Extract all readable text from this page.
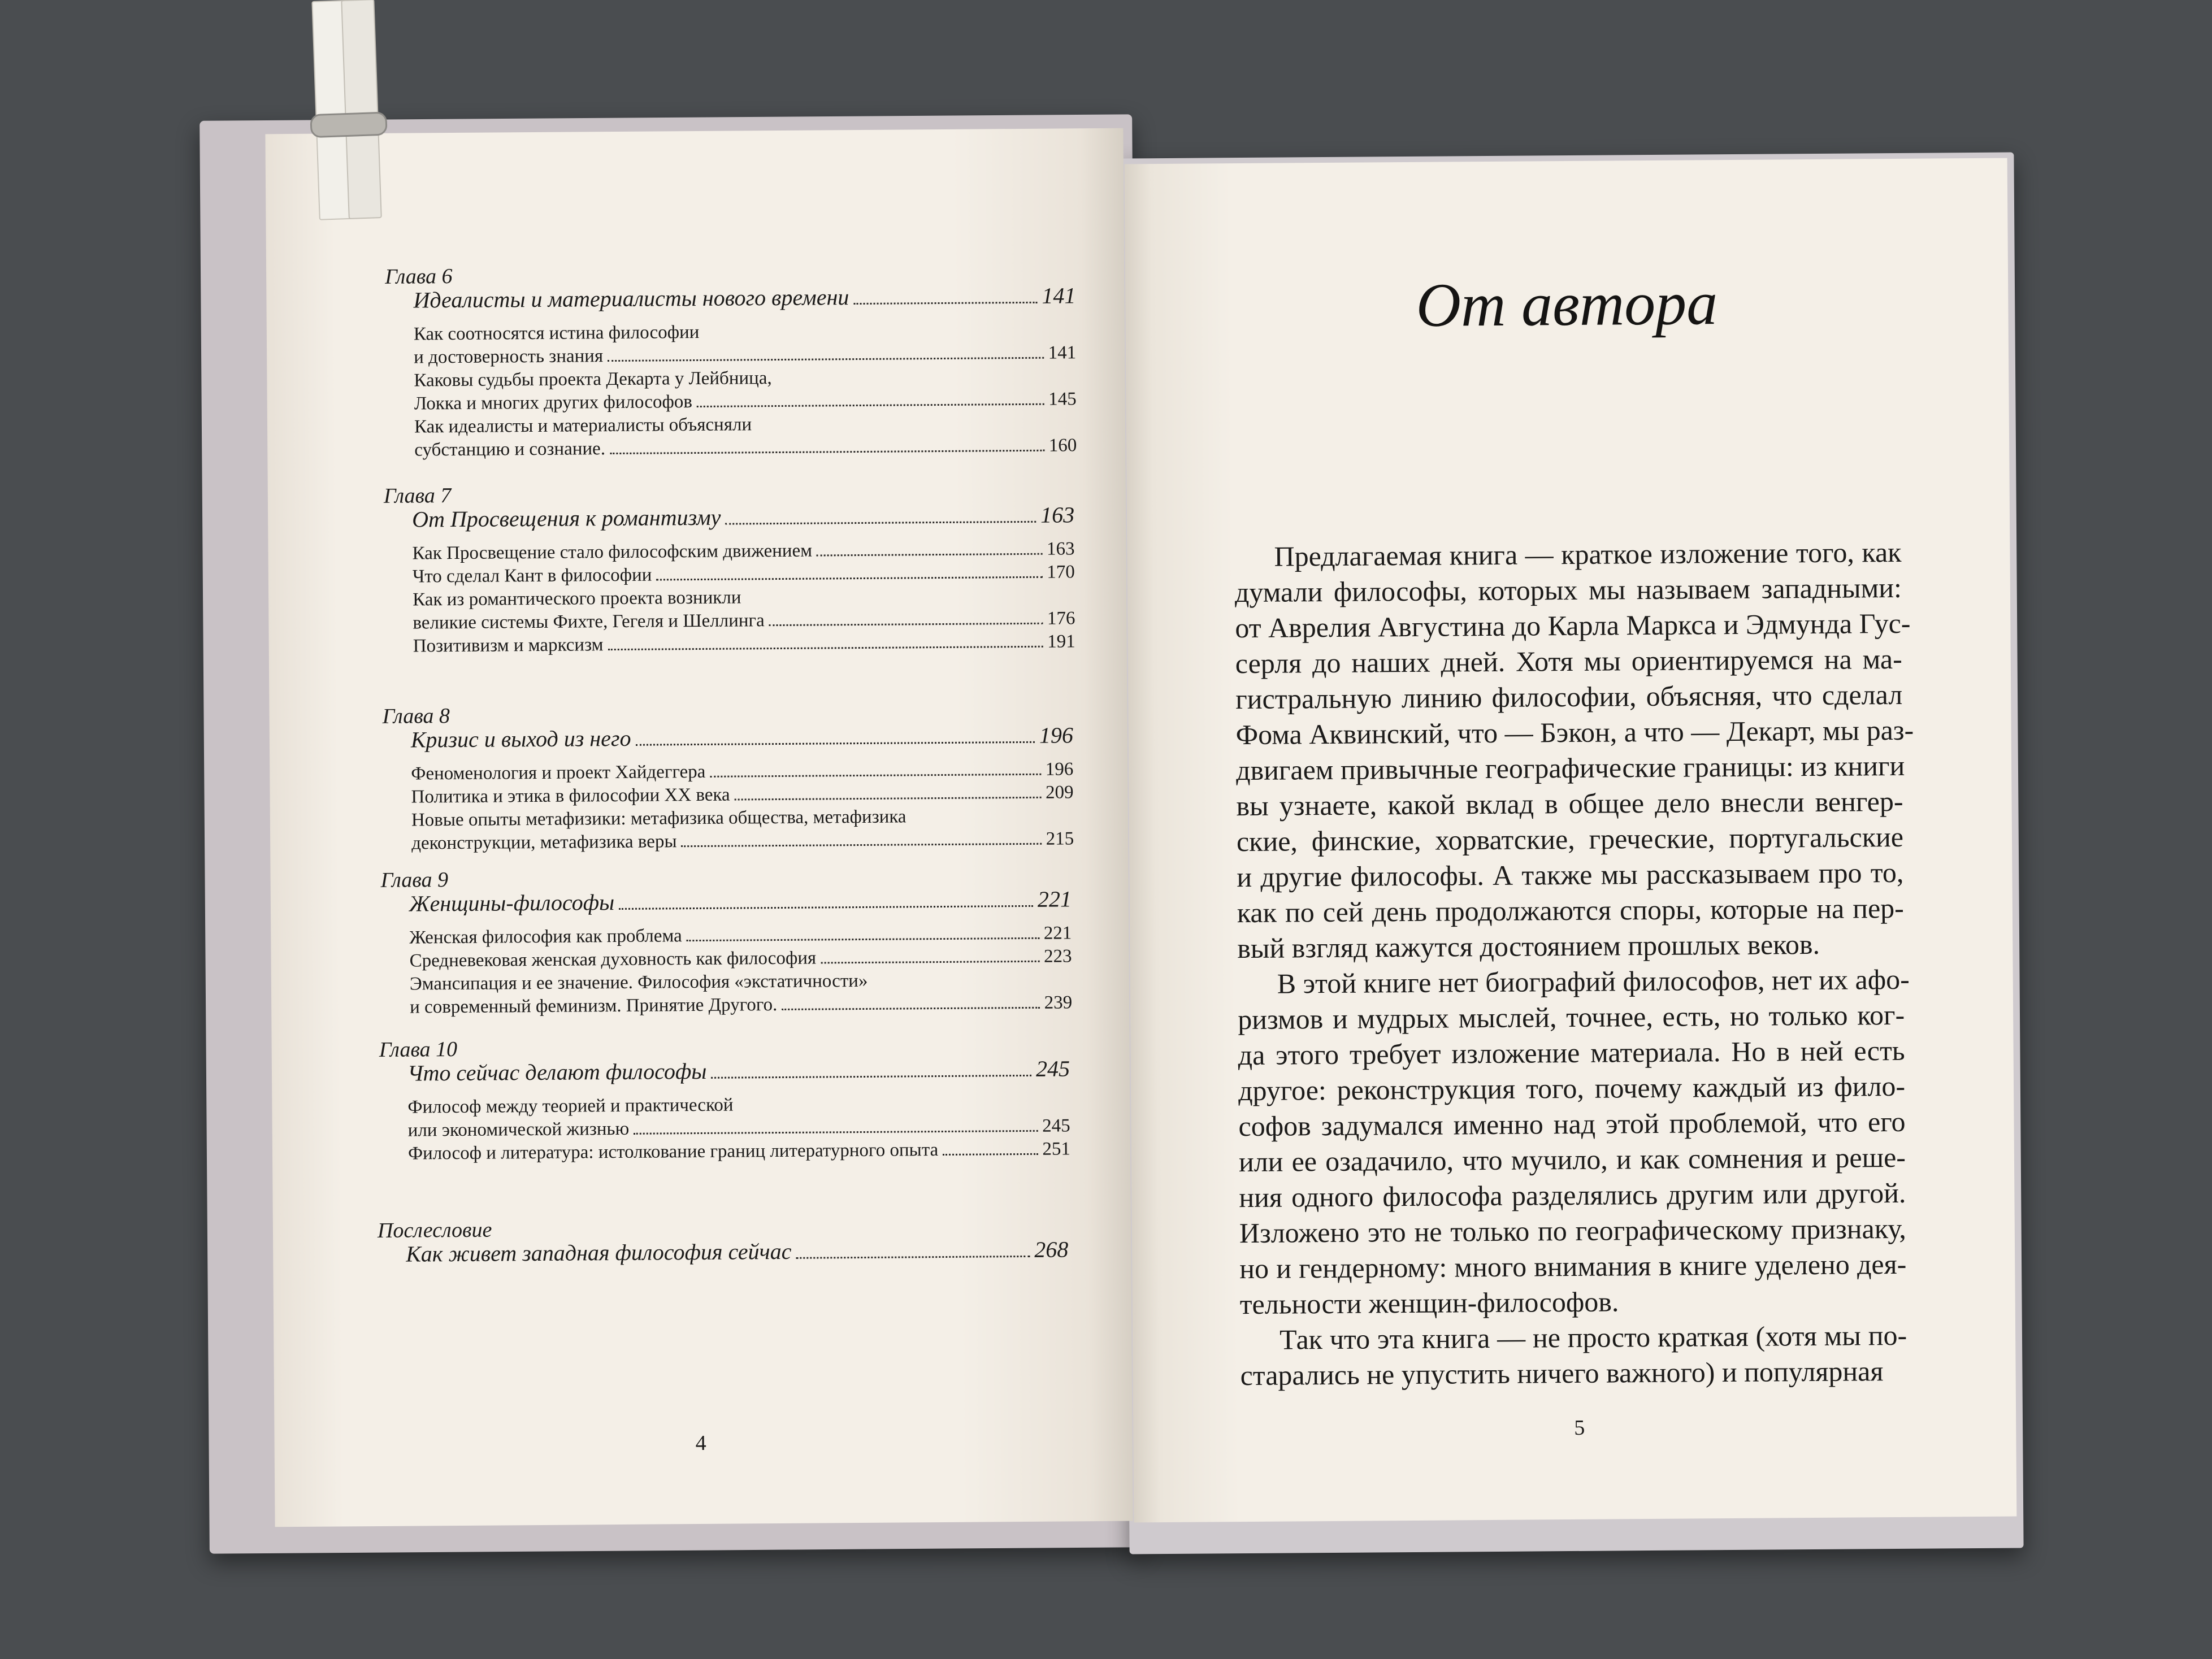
Глава 6
Идеалисты и материалисты нового времени	141
Как соотносятся истина философии
и достоверность знания	141
Каковы судьбы проекта Декарта у Лейбница,
Локка и многих других философов	145
Как идеалисты и материалисты объясняли
субстанцию и сознание.	160
Глава 7
От Просвещения к романтизму	163
Как Просвещение стало философским движением	163
Что сделал Кант в философии	170
Как из романтического проекта возникли
великие системы Фихте, Гегеля и Шеллинга	176
Позитивизм и марксизм	191
Глава 8
Кризис и выход из него	196
Феноменология и проект Хайдеггера	196
Политика и этика в философии XX века	209
Новые опыты метафизики: метафизика общества, метафизика
деконструкции, метафизика веры	215
Глава 9
Женщины-философы	221
Женская философия как проблема	221
Средневековая женская духовность как философия	223
Эмансипация и ее значение. Философия «экстатичности»
и современный феминизм. Принятие Другого.	239
Глава 10
Что сейчас делают философы	245
Философ между теорией и практической
или экономической жизнью	245
Философ и литература: истолкование границ литературного опыта	251
Послесловие
Как живет западная философия сейчас	268
4
От автора
5
Предлагаемая книга — краткое изложение того, как
думали философы, которых мы называем западными:
от Аврелия Августина до Карла Маркса и Эдмунда Гус-
серля до наших дней. Хотя мы ориентируемся на ма-
гистральную линию философии, объясняя, что сделал
Фома Аквинский, что — Бэкон, а что — Декарт, мы раз-
двигаем привычные географические границы: из книги
вы узнаете, какой вклад в общее дело внесли венгер-
ские, финские, хорватские, греческие, португальские
и другие философы. А также мы рассказываем про то,
как по сей день продолжаются споры, которые на пер-
вый взгляд кажутся достоянием прошлых веков.
В этой книге нет биографий философов, нет их афо-
ризмов и мудрых мыслей, точнее, есть, но только ког-
да этого требует изложение материала. Но в ней есть
другое: реконструкция того, почему каждый из фило-
софов задумался именно над этой проблемой, что его
или ее озадачило, что мучило, и как сомнения и реше-
ния одного философа разделялись другим или другой.
Изложено это не только по географическому признаку,
но и гендерному: много внимания в книге уделено дея-
тельности женщин-философов.
Так что эта книга — не просто краткая (хотя мы по-
старались не упустить ничего важного) и популярная
